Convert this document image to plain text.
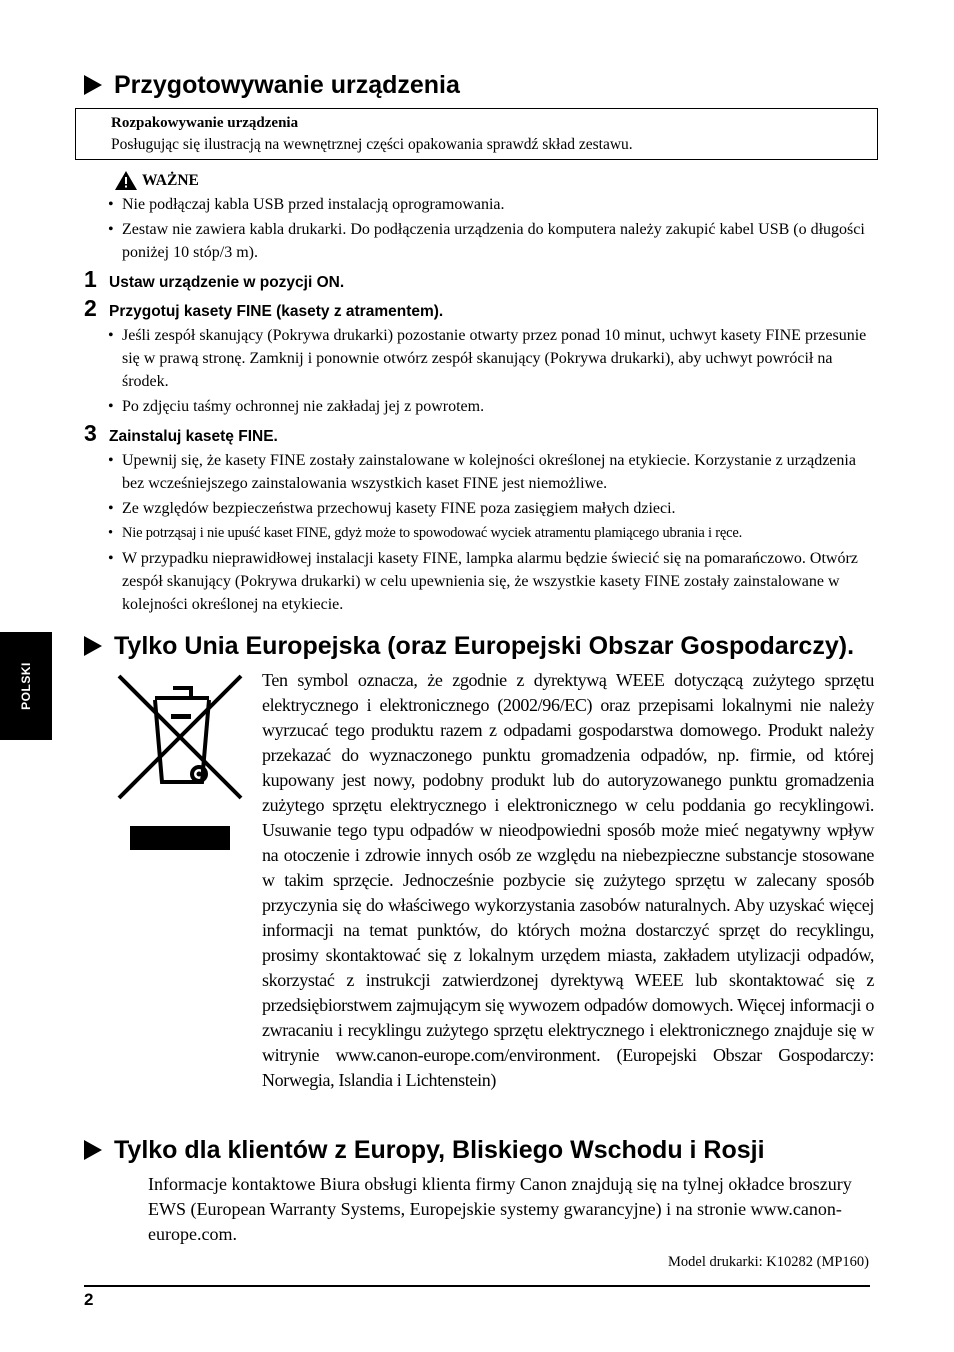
Przygotowywanie urządzenia
Rozpakowywanie urządzenia
Posługując się ilustracją na wewnętrznej części opakowania sprawdź skład zestawu.
WAŻNE
• Nie podłączaj kabla USB przed instalacją oprogramowania.
• Zestaw nie zawiera kabla drukarki. Do podłączenia urządzenia do komputera należy zakupić kabel USB (o długości poniżej 10 stóp/3 m).
1 Ustaw urządzenie w pozycji ON.
2 Przygotuj kasety FINE (kasety z atramentem).
• Jeśli zespół skanujący (Pokrywa drukarki) pozostanie otwarty przez ponad 10 minut, uchwyt kasety FINE przesunie się w prawą stronę. Zamknij i ponownie otwórz zespół skanujący (Pokrywa drukarki), aby uchwyt powrócił na środek.
• Po zdjęciu taśmy ochronnej nie zakładaj jej z powrotem.
3 Zainstaluj kasetę FINE.
• Upewnij się, że kasety FINE zostały zainstalowane w kolejności określonej na etykiecie. Korzystanie z urządzenia bez wcześniejszego zainstalowania wszystkich kaset FINE jest niemożliwe.
• Ze względów bezpieczeństwa przechowuj kasety FINE poza zasięgiem małych dzieci.
• Nie potrząsaj i nie upuść kaset FINE, gdyż może to spowodować wyciek atramentu plamiącego ubrania i ręce.
• W przypadku nieprawidłowej instalacji kasety FINE, lampka alarmu będzie świecić się na pomarańczowo. Otwórz zespół skanujący (Pokrywa drukarki) w celu upewnienia się, że wszystkie kasety FINE zostały zainstalowane w kolejności określonej na etykiecie.
Tylko Unia Europejska (oraz Europejski Obszar Gospodarczy).
Ten symbol oznacza, że zgodnie z dyrektywą WEEE dotyczącą zużytego sprzętu elektrycznego i elektronicznego (2002/96/EC) oraz przepisami lokalnymi nie należy wyrzucać tego produktu razem z odpadami gospodarstwa domowego. Produkt należy przekazać do wyznaczonego punktu gromadzenia odpadów, np. firmie, od której kupowany jest nowy, podobny produkt lub do autoryzowanego punktu gromadzenia zużytego sprzętu elektrycznego i elektronicznego w celu poddania go recyklingowi. Usuwanie tego typu odpadów w nieodpowiedni sposób może mieć negatywny wpływ na otoczenie i zdrowie innych osób ze względu na niebezpieczne substancje stosowane w takim sprzęcie. Jednocześnie pozbycie się zużytego sprzętu w zalecany sposób przyczynia się do właściwego wykorzystania zasobów naturalnych. Aby uzyskać więcej informacji na temat punktów, do których można dostarczyć sprzęt do recyklingu, prosimy skontaktować się z lokalnym urzędem miasta, zakładem utylizacji odpadów, skorzystać z instrukcji zatwierdzonej dyrektywą WEEE lub skontaktować się z przedsiębiorstwem zajmującym się wywozem odpadów domowych. Więcej informacji o zwracaniu i recyklingu zużytego sprzętu elektrycznego i elektronicznego znajduje się w witrynie www.canon-europe.com/environment. (Europejski Obszar Gospodarczy: Norwegia, Islandia i Lichtenstein)
Tylko dla klientów z Europy, Bliskiego Wschodu i Rosji
Informacje kontaktowe Biura obsługi klienta firmy Canon znajdują się na tylnej okładce broszury EWS (European Warranty Systems, Europejskie systemy gwarancyjne) i na stronie www.canon-europe.com.
POLSKI
Model drukarki: K10282 (MP160)
2
